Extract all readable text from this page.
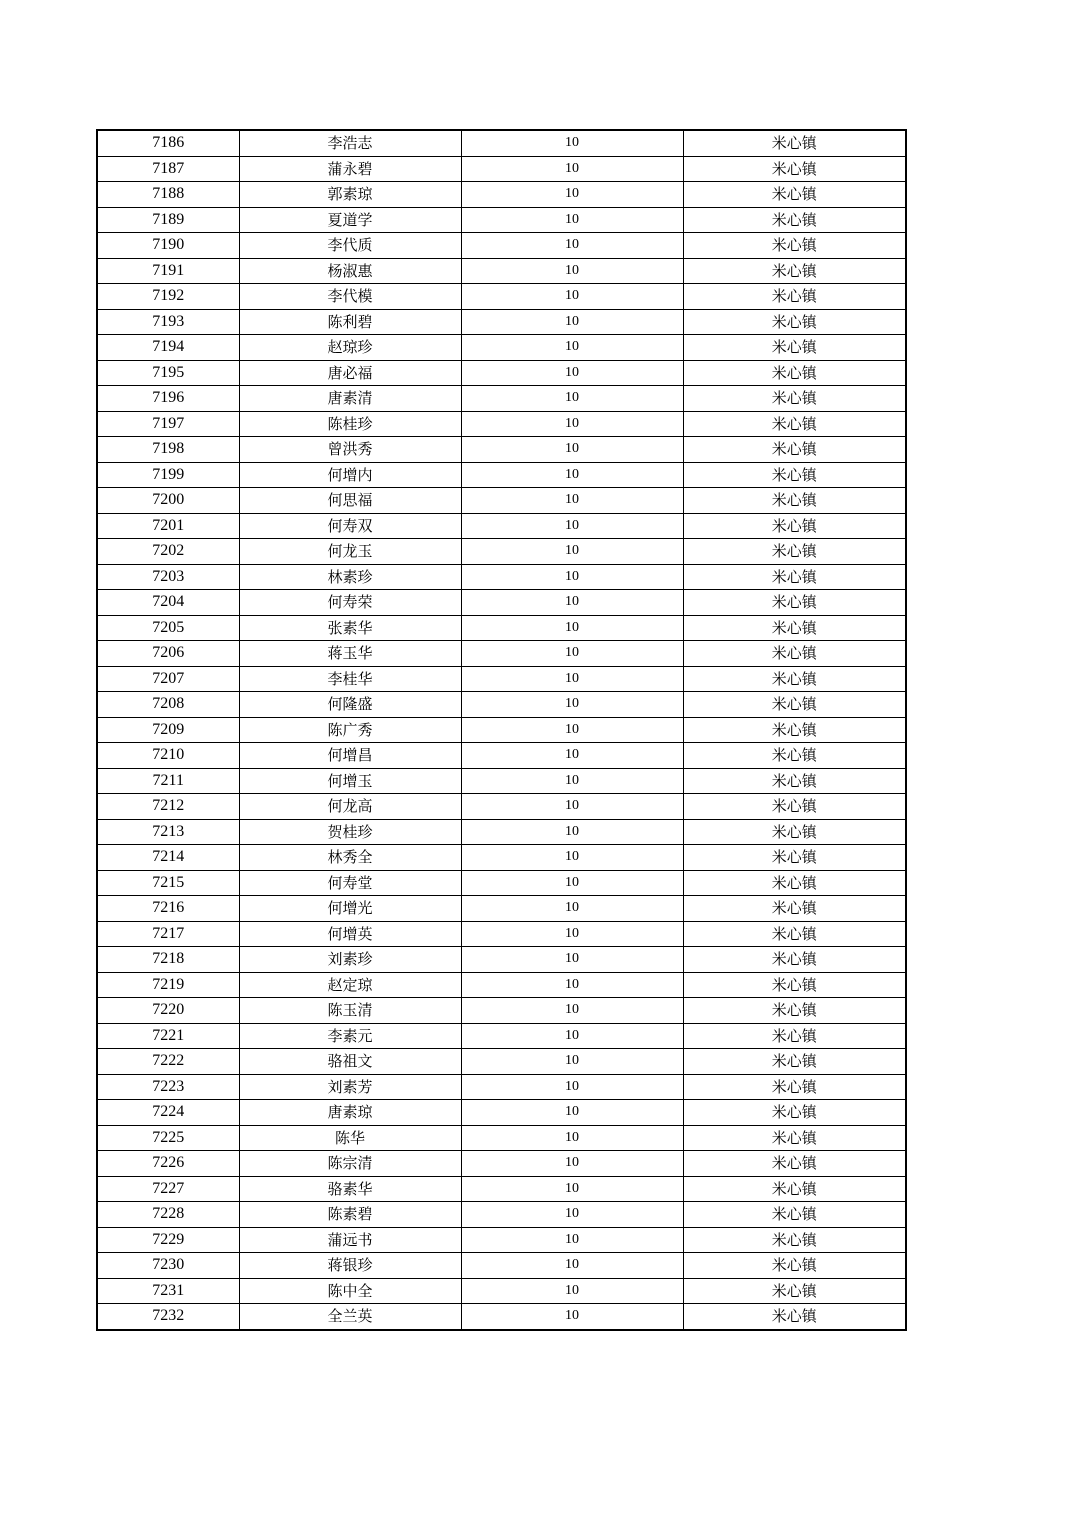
7186	李浩志	10	米心镇
7187	蒲永碧	10	米心镇
7188	郭素琼	10	米心镇
7189	夏道学	10	米心镇
7190	李代质	10	米心镇
7191	杨淑惠	10	米心镇
7192	李代模	10	米心镇
7193	陈利碧	10	米心镇
7194	赵琼珍	10	米心镇
7195	唐必福	10	米心镇
7196	唐素清	10	米心镇
7197	陈桂珍	10	米心镇
7198	曾洪秀	10	米心镇
7199	何增内	10	米心镇
7200	何思福	10	米心镇
7201	何寿双	10	米心镇
7202	何龙玉	10	米心镇
7203	林素珍	10	米心镇
7204	何寿荣	10	米心镇
7205	张素华	10	米心镇
7206	蒋玉华	10	米心镇
7207	李桂华	10	米心镇
7208	何隆盛	10	米心镇
7209	陈广秀	10	米心镇
7210	何增昌	10	米心镇
7211	何增玉	10	米心镇
7212	何龙高	10	米心镇
7213	贺桂珍	10	米心镇
7214	林秀全	10	米心镇
7215	何寿堂	10	米心镇
7216	何增光	10	米心镇
7217	何增英	10	米心镇
7218	刘素珍	10	米心镇
7219	赵定琼	10	米心镇
7220	陈玉清	10	米心镇
7221	李素元	10	米心镇
7222	骆祖文	10	米心镇
7223	刘素芳	10	米心镇
7224	唐素琼	10	米心镇
7225	陈华	10	米心镇
7226	陈宗清	10	米心镇
7227	骆素华	10	米心镇
7228	陈素碧	10	米心镇
7229	蒲远书	10	米心镇
7230	蒋银珍	10	米心镇
7231	陈中全	10	米心镇
7232	全兰英	10	米心镇
